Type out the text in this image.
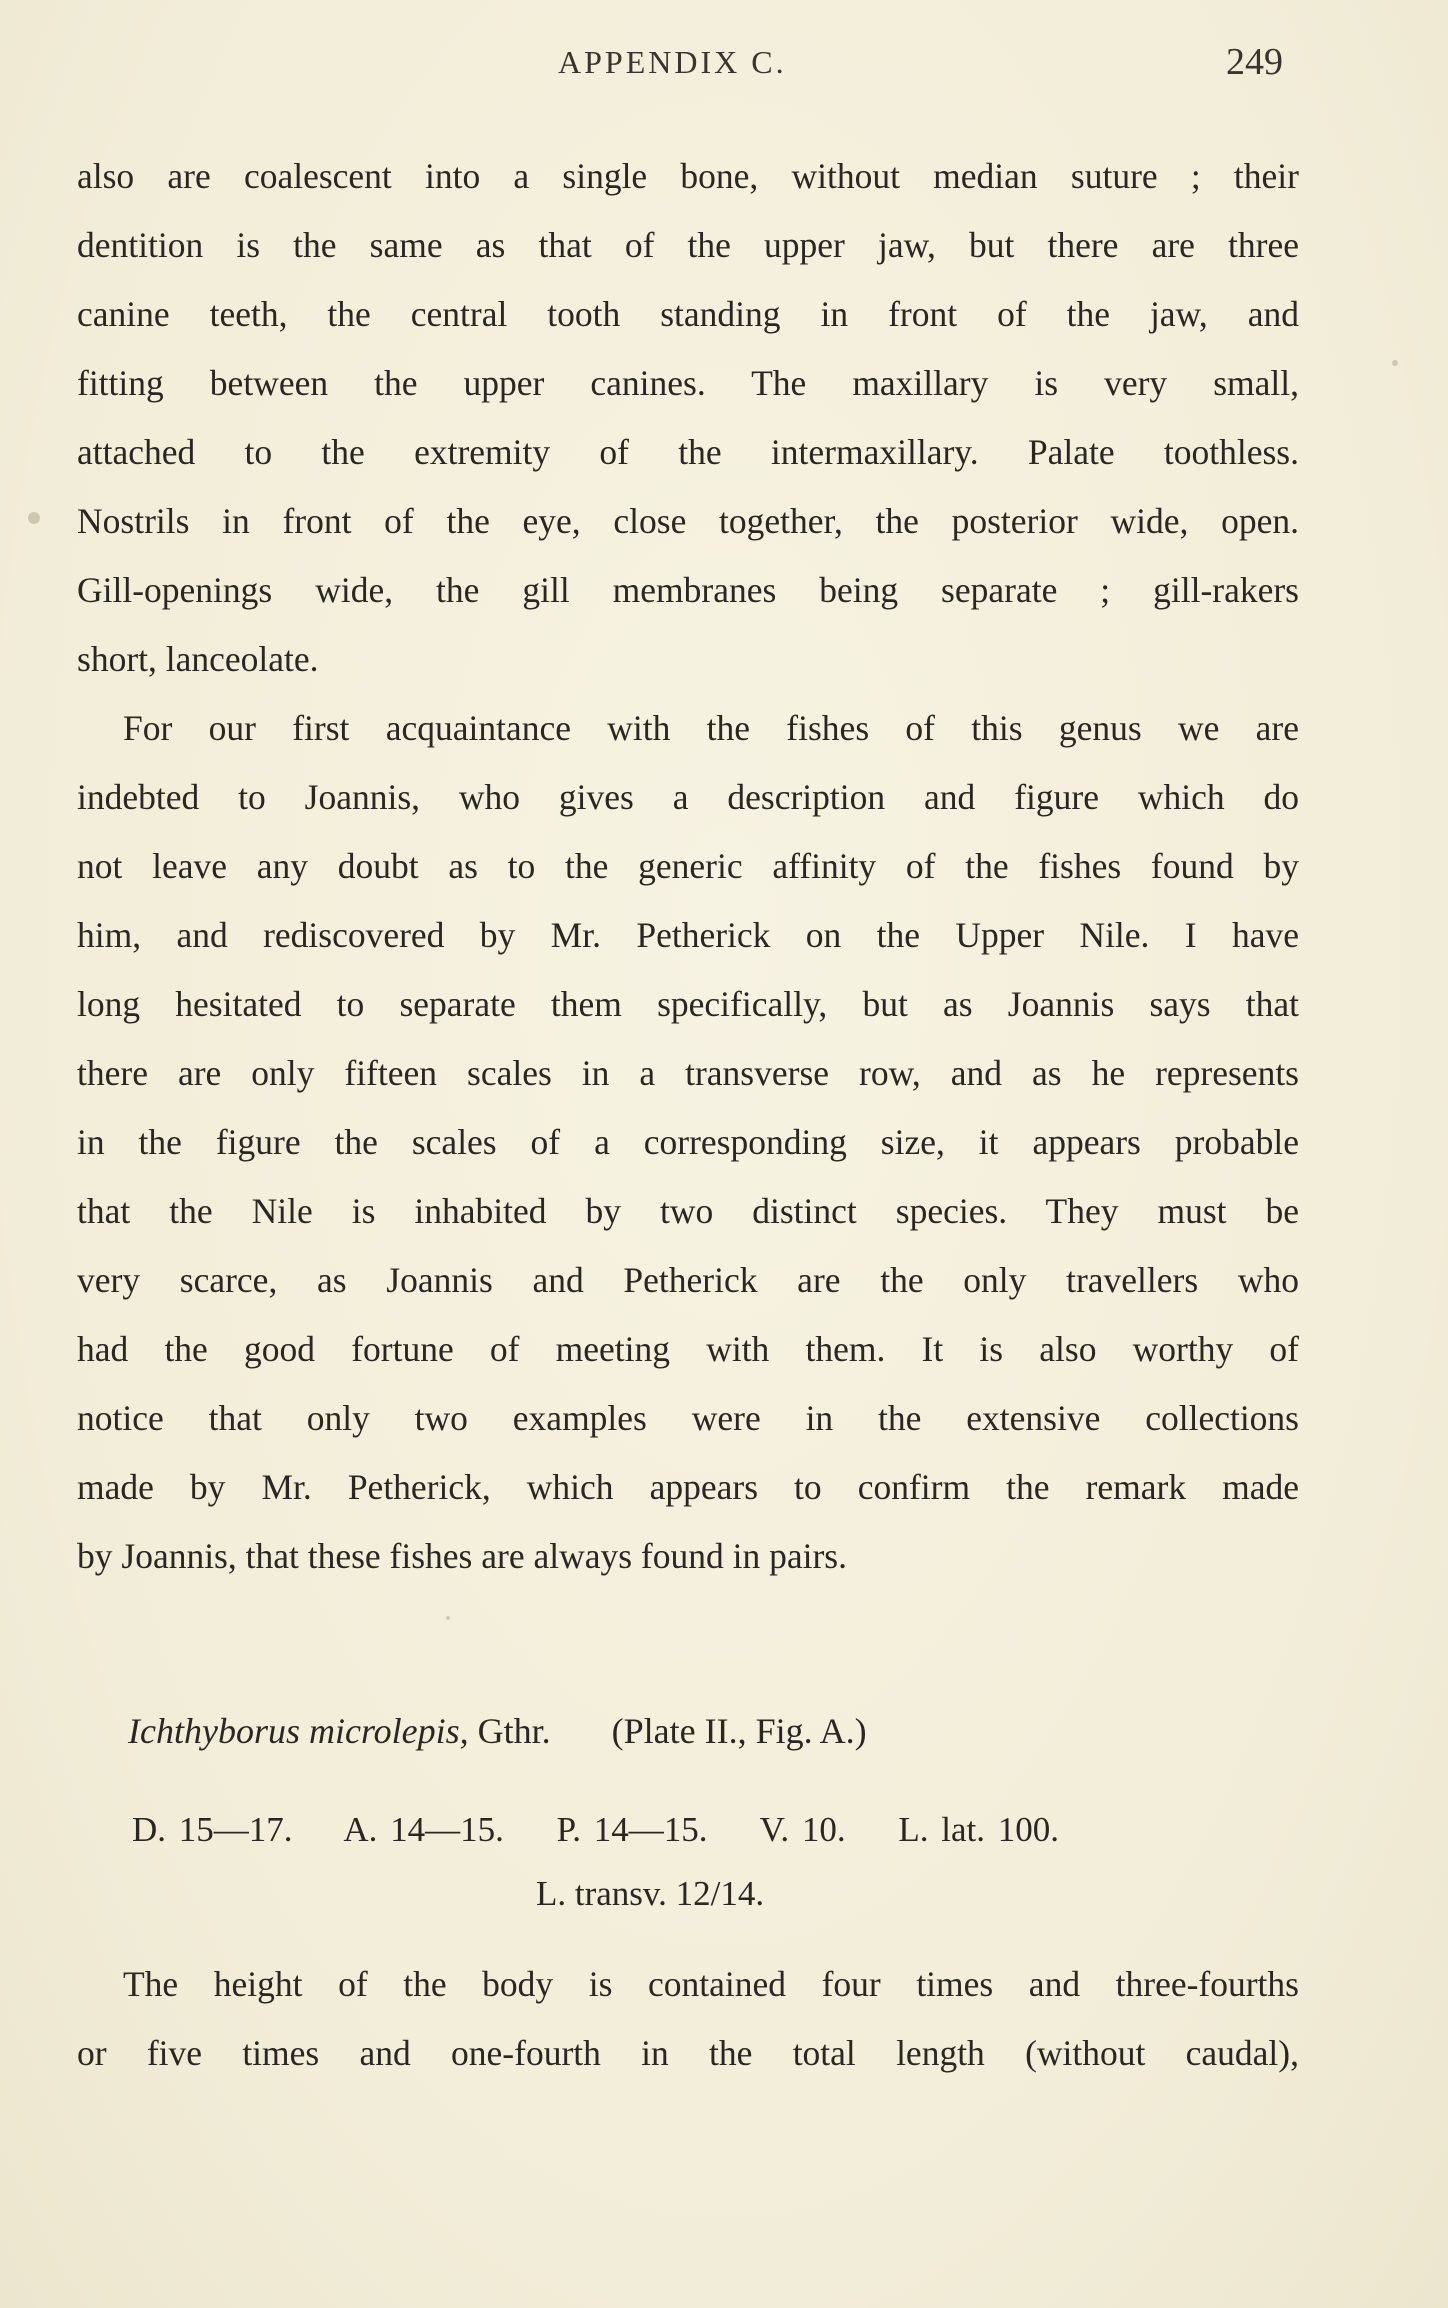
APPENDIX C.	249
also are coalescent into a single bone, without median suture ; their
dentition is the same as that of the upper jaw, but there are three
canine teeth, the central tooth standing in front of the jaw, and
fitting between the upper canines. The maxillary is very small,
attached to the extremity of the intermaxillary. Palate toothless.
Nostrils in front of the eye, close together, the posterior wide, open.
Gill-openings wide, the gill membranes being separate ; gill-rakers
short, lanceolate.
For our first acquaintance with the fishes of this genus we are
indebted to Joannis, who gives a description and figure which do
not leave any doubt as to the generic affinity of the fishes found by
him, and rediscovered by Mr. Petherick on the Upper Nile. I have
long hesitated to separate them specifically, but as Joannis says that
there are only fifteen scales in a transverse row, and as he represents
in the figure the scales of a corresponding size, it appears probable
that the Nile is inhabited by two distinct species. They must be
very scarce, as Joannis and Petherick are the only travellers who
had the good fortune of meeting with them. It is also worthy of
notice that only two examples were in the extensive collections
made by Mr. Petherick, which appears to confirm the remark made
by Joannis, that these fishes are always found in pairs.
Ichthyborus microlepis, Gthr. (Plate II., Fig. A.)
D. 15—17. A. 14—15. P. 14—15. V. 10. L. lat. 100.
L. transv. 12/14.
The height of the body is contained four times and three-fourths
or five times and one-fourth in the total length (without caudal),
